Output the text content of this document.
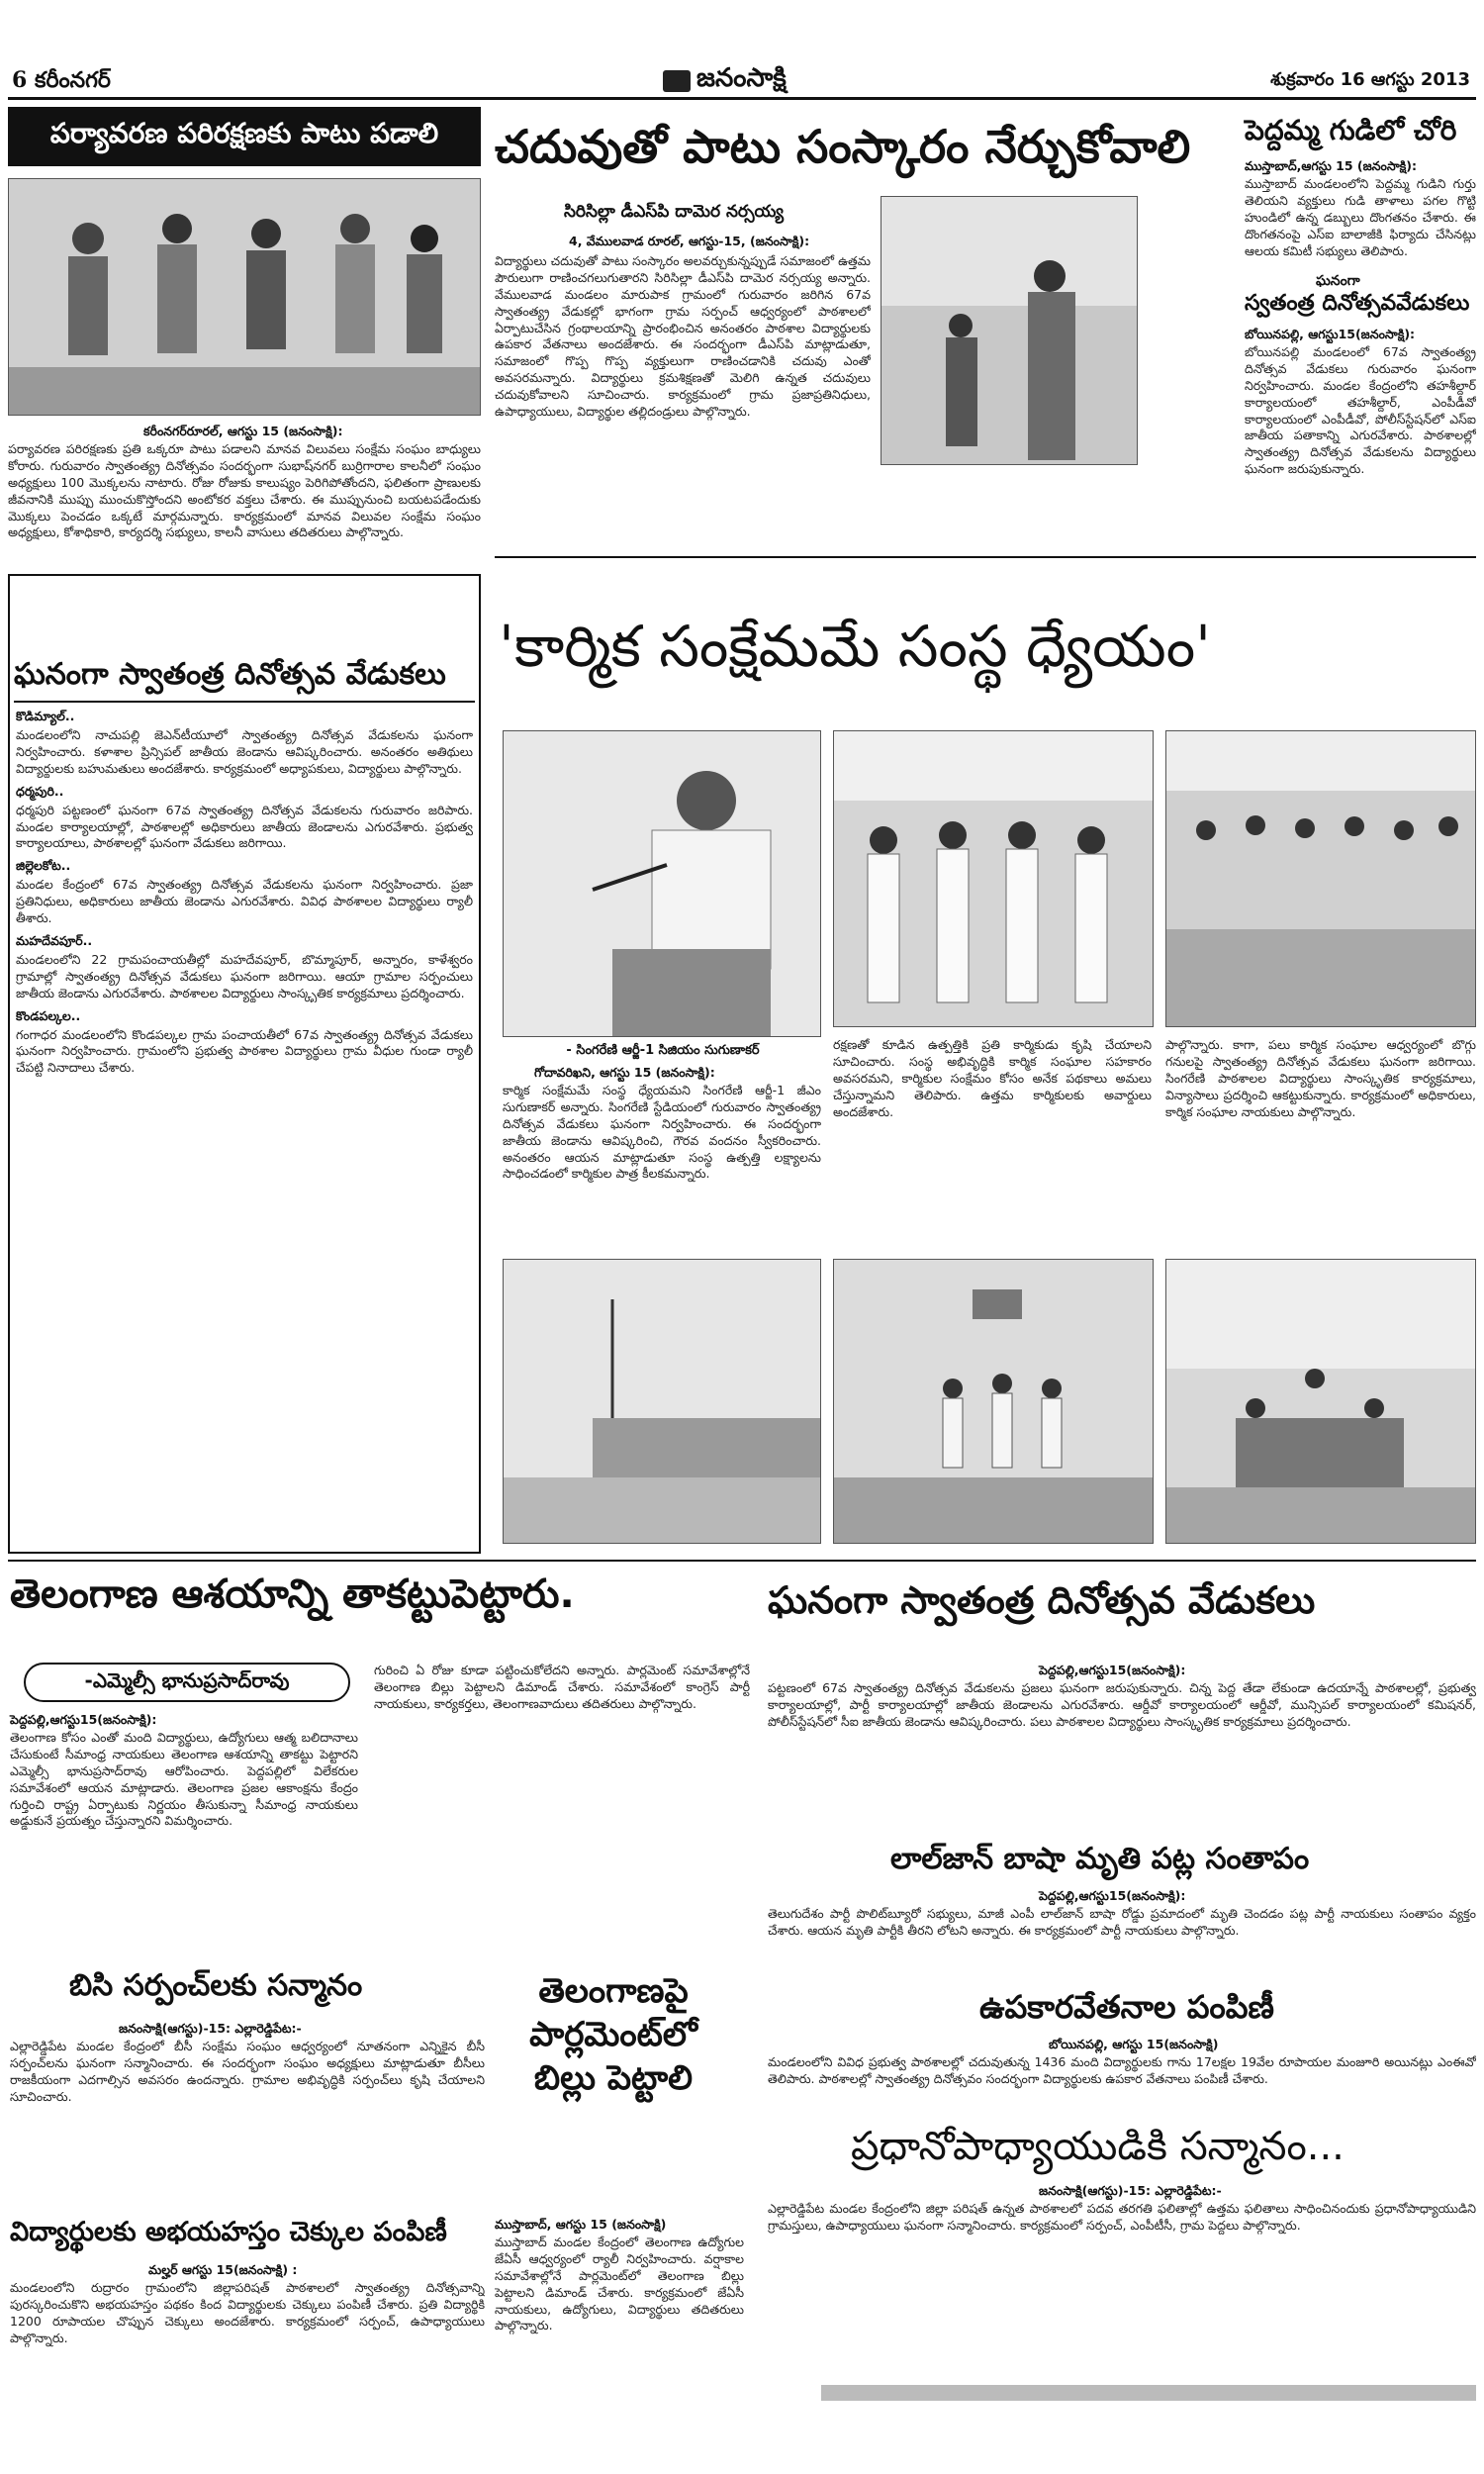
6 కరీంనగర్	జనంసాక్షి	శుక్రవారం 16 ఆగస్టు 2013
పర్యావరణ పరిరక్షణకు పాటు పడాలి
కరీంనగర్‌రూరల్‌, ఆగస్టు 15 (జనంసాక్షి):
పర్యావరణ పరిరక్షణకు ప్రతి ఒక్కరూ పాటు పడాలని మానవ విలువలు సంక్షేమ సంఘం బాధ్యులు కోరారు. గురువారం స్వాతంత్య్ర దినోత్సవం సందర్భంగా సుభాష్‌నగర్‌ బుర్రిగారాల కాలనీలో సంఘం అధ్యక్షులు 100 మొక్కలను నాటారు. రోజు రోజుకు కాలుష్యం పెరిగిపోతోందని, ఫలితంగా ప్రాణులకు జీవనానికి ముప్పు ముంచుకొస్తోందని అంటోకర వక్తలు చేశారు. ఈ ముప్పునుంచి బయటపడేందుకు మొక్కలు పెంచడం ఒక్కటే మార్గమన్నారు. కార్యక్రమంలో మానవ విలువల సంక్షేమ సంఘం అధ్యక్షులు, కోశాధికారి, కార్యదర్శి సభ్యులు, కాలనీ వాసులు తదితరులు పాల్గొన్నారు.
ఘనంగా స్వాతంత్ర దినోత్సవ వేడుకలు
కొడిమ్యాల్‌..
మండలంలోని నాచుపల్లి జెఎన్‌టీయూలో స్వాతంత్య్ర దినోత్సవ వేడుకలను ఘనంగా నిర్వహించారు. కళాశాల ప్రిన్సిపల్‌ జాతీయ జెండాను ఆవిష్కరించారు. అనంతరం అతిథులు విద్యార్థులకు బహుమతులు అందజేశారు. కార్యక్రమంలో అధ్యాపకులు, విద్యార్థులు పాల్గొన్నారు.
ధర్మపురి..
ధర్మపురి పట్టణంలో ఘనంగా 67వ స్వాతంత్య్ర దినోత్సవ వేడుకలను గురువారం జరిపారు. మండల కార్యాలయాల్లో, పాఠశాలల్లో అధికారులు జాతీయ జెండాలను ఎగురవేశారు. ప్రభుత్వ కార్యాలయాలు, పాఠశాలల్లో ఘనంగా వేడుకలు జరిగాయి.
జిల్లెలకోట..
మండల కేంద్రంలో 67వ స్వాతంత్య్ర దినోత్సవ వేడుకలను ఘనంగా నిర్వహించారు. ప్రజా ప్రతినిధులు, అధికారులు జాతీయ జెండాను ఎగురవేశారు. వివిధ పాఠశాలల విద్యార్థులు ర్యాలీ తీశారు.
మహదేవపూర్‌..
మండలంలోని 22 గ్రామపంచాయతీల్లో మహదేవపూర్‌, బొమ్మాపూర్‌, అన్నారం, కాళేశ్వరం గ్రామాల్లో స్వాతంత్య్ర దినోత్సవ వేడుకలు ఘనంగా జరిగాయి. ఆయా గ్రామాల సర్పంచులు జాతీయ జెండాను ఎగురవేశారు. పాఠశాలల విద్యార్థులు సాంస్కృతిక కార్యక్రమాలు ప్రదర్శించారు.
కొండపల్కల..
గంగాధర మండలంలోని కొండపల్కల గ్రామ పంచాయతీలో 67వ స్వాతంత్య్ర దినోత్సవ వేడుకలు ఘనంగా నిర్వహించారు. గ్రామంలోని ప్రభుత్వ పాఠశాల విద్యార్థులు గ్రామ వీధుల గుండా ర్యాలీ చేపట్టి నినాదాలు చేశారు.
చదువుతో పాటు సంస్కారం నేర్చుకోవాలి
సిరిసిల్లా డీఎస్‌పి దామెర నర్సయ్య
4, వేములవాడ రూరల్‌, ఆగస్టు-15, (జనంసాక్షి):
విద్యార్థులు చదువుతో పాటు సంస్కారం అలవర్చుకున్నప్పుడే సమాజంలో ఉత్తమ పౌరులుగా రాణించగలుగుతారని సిరిసిల్లా డీఎస్‌పి దామెర నర్సయ్య అన్నారు. వేములవాడ మండలం మారుపాక గ్రామంలో గురువారం జరిగిన 67వ స్వాతంత్య్ర వేడుకల్లో భాగంగా గ్రామ సర్పంచ్‌ ఆధ్వర్యంలో పాఠశాలలో ఏర్పాటుచేసిన గ్రంథాలయాన్ని ప్రారంభించిన అనంతరం పాఠశాల విద్యార్థులకు ఉపకార వేతనాలు అందజేశారు. ఈ సందర్భంగా డీఎస్‌పి మాట్లాడుతూ, సమాజంలో గొప్ప గొప్ప వ్యక్తులుగా రాణించడానికి చదువు ఎంతో అవసరమన్నారు. విద్యార్థులు క్రమశిక్షణతో మెలిగి ఉన్నత చదువులు చదువుకోవాలని సూచించారు. కార్యక్రమంలో గ్రామ ప్రజాప్రతినిధులు, ఉపాధ్యాయులు, విద్యార్థుల తల్లిదండ్రులు పాల్గొన్నారు.
పెద్దమ్మ గుడిలో చోరి
ముస్తాబాద్‌,ఆగస్టు 15 (జనంసాక్షి):
ముస్తాబాద్‌ మండలంలోని పెద్దమ్మ గుడిని గుర్తు తెలియని వ్యక్తులు గుడి తాళాలు పగల గొట్టి హుండిలో ఉన్న డబ్బులు దొంగతనం చేశారు. ఈ దొంగతనంపై ఎస్‌ఐ బాలాజీకి ఫిర్యాదు చేసినట్లు ఆలయ కమిటీ సభ్యులు తెలిపారు.
ఘనంగా
స్వతంత్ర దినోత్సవవేడుకలు
బోయినపల్లి, ఆగస్టు15(జనంసాక్షి):
బోయినపల్లి మండలంలో 67వ స్వాతంత్య్ర దినోత్సవ వేడుకలు గురువారం ఘనంగా నిర్వహించారు. మండల కేంద్రంలోని తహశీల్దార్‌ కార్యాలయంలో తహశీల్దార్‌, ఎంపీడీవో కార్యాలయంలో ఎంపీడీవో, పోలీస్‌స్టేషన్‌లో ఎస్‌ఐ జాతీయ పతాకాన్ని ఎగురవేశారు. పాఠశాలల్లో స్వాతంత్య్ర దినోత్సవ వేడుకలను విద్యార్థులు ఘనంగా జరుపుకున్నారు.
'కార్మిక సంక్షేమమే సంస్థ ధ్యేయం'
- సింగరేణి ఆర్జీ-1 సిజియం సుగుణాకర్‌
గోదావరిఖని, ఆగస్టు 15 (జనంసాక్షి):
కార్మిక సంక్షేమమే సంస్థ ధ్యేయమని సింగరేణి ఆర్జీ-1 జీఎం సుగుణాకర్‌ అన్నారు. సింగరేణి స్టేడియంలో గురువారం స్వాతంత్య్ర దినోత్సవ వేడుకలు ఘనంగా నిర్వహించారు. ఈ సందర్భంగా జాతీయ జెండాను ఆవిష్కరించి, గౌరవ వందనం స్వీకరించారు. అనంతరం ఆయన మాట్లాడుతూ సంస్థ ఉత్పత్తి లక్ష్యాలను సాధించడంలో కార్మికుల పాత్ర కీలకమన్నారు.
రక్షణతో కూడిన ఉత్పత్తికి ప్రతి కార్మికుడు కృషి చేయాలని సూచించారు. సంస్థ అభివృద్ధికి కార్మిక సంఘాల సహకారం అవసరమని, కార్మికుల సంక్షేమం కోసం అనేక పథకాలు అమలు చేస్తున్నామని తెలిపారు. ఉత్తమ కార్మికులకు అవార్డులు అందజేశారు.
పాల్గొన్నారు. కాగా, పలు కార్మిక సంఘాల ఆధ్వర్యంలో బొగ్గు గనులపై స్వాతంత్య్ర దినోత్సవ వేడుకలు ఘనంగా జరిగాయి. సింగరేణి పాఠశాలల విద్యార్థులు సాంస్కృతిక కార్యక్రమాలు, విన్యాసాలు ప్రదర్శించి ఆకట్టుకున్నారు. కార్యక్రమంలో అధికారులు, కార్మిక సంఘాల నాయకులు పాల్గొన్నారు.
తెలంగాణ ఆశయాన్ని తాకట్టుపెట్టారు.
-ఎమ్మెల్సీ భానుప్రసాద్‌రావు
పెద్దపల్లి,ఆగస్టు15(జనంసాక్షి):
తెలంగాణ కోసం ఎంతో మంది విద్యార్థులు, ఉద్యోగులు ఆత్మ బలిదానాలు చేసుకుంటే సీమాంధ్ర నాయకులు తెలంగాణ ఆశయాన్ని తాకట్టు పెట్టారని ఎమ్మెల్సీ భానుప్రసాద్‌రావు ఆరోపించారు. పెద్దపల్లిలో విలేకరుల సమావేశంలో ఆయన మాట్లాడారు. తెలంగాణ ప్రజల ఆకాంక్షను కేంద్రం గుర్తించి రాష్ట్ర ఏర్పాటుకు నిర్ణయం తీసుకున్నా సీమాంధ్ర నాయకులు అడ్డుకునే ప్రయత్నం చేస్తున్నారని విమర్శించారు.
గురించి ఏ రోజు కూడా పట్టించుకోలేదని అన్నారు. పార్లమెంట్‌ సమావేశాల్లోనే తెలంగాణ బిల్లు పెట్టాలని డిమాండ్‌ చేశారు. సమావేశంలో కాంగ్రెస్‌ పార్టీ నాయకులు, కార్యకర్తలు, తెలంగాణవాదులు తదితరులు పాల్గొన్నారు.
బిసి సర్పంచ్‌లకు సన్మానం
జనంసాక్షి(ఆగస్టు)-15: ఎల్లారెడ్డిపేట:-
ఎల్లారెడ్డిపేట మండల కేంద్రంలో బీసీ సంక్షేమ సంఘం ఆధ్వర్యంలో నూతనంగా ఎన్నికైన బీసీ సర్పంచ్‌లను ఘనంగా సన్మానించారు. ఈ సందర్భంగా సంఘం అధ్యక్షులు మాట్లాడుతూ బీసీలు రాజకీయంగా ఎదగాల్సిన అవసరం ఉందన్నారు. గ్రామాల అభివృద్ధికి సర్పంచ్‌లు కృషి చేయాలని సూచించారు.
విద్యార్థులకు అభయహస్తం చెక్కుల పంపిణీ
మల్హర్‌ ఆగస్టు 15(జనంసాక్షి) :
మండలంలోని రుద్రారం గ్రామంలోని జిల్లాపరిషత్‌ పాఠశాలలో స్వాతంత్య్ర దినోత్సవాన్ని పురస్కరించుకొని అభయహస్తం పథకం కింద విద్యార్థులకు చెక్కులు పంపిణీ చేశారు. ప్రతి విద్యార్థికి 1200 రూపాయల చొప్పున చెక్కులు అందజేశారు. కార్యక్రమంలో సర్పంచ్‌, ఉపాధ్యాయులు పాల్గొన్నారు.
తెలంగాణపై పార్లమెంట్‌లో బిల్లు పెట్టాలి
ముస్తాబాద్‌, ఆగస్టు 15 (జనంసాక్షి)
ముస్తాబాద్‌ మండల కేంద్రంలో తెలంగాణ ఉద్యోగుల జేఏసీ ఆధ్వర్యంలో ర్యాలీ నిర్వహించారు. వర్షాకాల సమావేశాల్లోనే పార్లమెంట్‌లో తెలంగాణ బిల్లు పెట్టాలని డిమాండ్‌ చేశారు. కార్యక్రమంలో జేఏసీ నాయకులు, ఉద్యోగులు, విద్యార్థులు తదితరులు పాల్గొన్నారు.
ఘనంగా స్వాతంత్ర దినోత్సవ వేడుకలు
పెద్దపల్లి,ఆగస్టు15(జనంసాక్షి):
పట్టణంలో 67వ స్వాతంత్య్ర దినోత్సవ వేడుకలను ప్రజలు ఘనంగా జరుపుకున్నారు. చిన్న పెద్ద తేడా లేకుండా ఉదయాన్నే పాఠశాలల్లో, ప్రభుత్వ కార్యాలయాల్లో, పార్టీ కార్యాలయాల్లో జాతీయ జెండాలను ఎగురవేశారు. ఆర్డీవో కార్యాలయంలో ఆర్డీవో, మున్సిపల్‌ కార్యాలయంలో కమిషనర్‌, పోలీస్‌స్టేషన్‌లో సీఐ జాతీయ జెండాను ఆవిష్కరించారు. పలు పాఠశాలల విద్యార్థులు సాంస్కృతిక కార్యక్రమాలు ప్రదర్శించారు.
లాల్‌జాన్‌ బాషా మృతి పట్ల సంతాపం
పెద్దపల్లి,ఆగస్టు15(జనంసాక్షి):
తెలుగుదేశం పార్టీ పొలిట్‌బ్యూరో సభ్యులు, మాజీ ఎంపీ లాల్‌జాన్‌ బాషా రోడ్డు ప్రమాదంలో మృతి చెందడం పట్ల పార్టీ నాయకులు సంతాపం వ్యక్తం చేశారు. ఆయన మృతి పార్టీకి తీరని లోటని అన్నారు. ఈ కార్యక్రమంలో పార్టీ నాయకులు పాల్గొన్నారు.
ఉపకారవేతనాల పంపిణీ
బోయినపల్లి, ఆగస్టు 15(జనంసాక్షి)
మండలంలోని వివిధ ప్రభుత్వ పాఠశాలల్లో చదువుతున్న 1436 మంది విద్యార్థులకు గాను 17లక్షల 19వేల రూపాయల మంజూరి అయినట్లు ఎంఈవో తెలిపారు. పాఠశాలల్లో స్వాతంత్య్ర దినోత్సవం సందర్భంగా విద్యార్థులకు ఉపకార వేతనాలు పంపిణీ చేశారు.
ప్రధానోపాధ్యాయుడికి సన్మానం...
జనంసాక్షి(ఆగస్టు)-15: ఎల్లారెడ్డిపేట:-
ఎల్లారెడ్డిపేట మండల కేంద్రంలోని జిల్లా పరిషత్‌ ఉన్నత పాఠశాలలో పదవ తరగతి ఫలితాల్లో ఉత్తమ ఫలితాలు సాధించినందుకు ప్రధానోపాధ్యాయుడిని గ్రామస్తులు, ఉపాధ్యాయులు ఘనంగా సన్మానించారు. కార్యక్రమంలో సర్పంచ్‌, ఎంపీటీసీ, గ్రామ పెద్దలు పాల్గొన్నారు.
